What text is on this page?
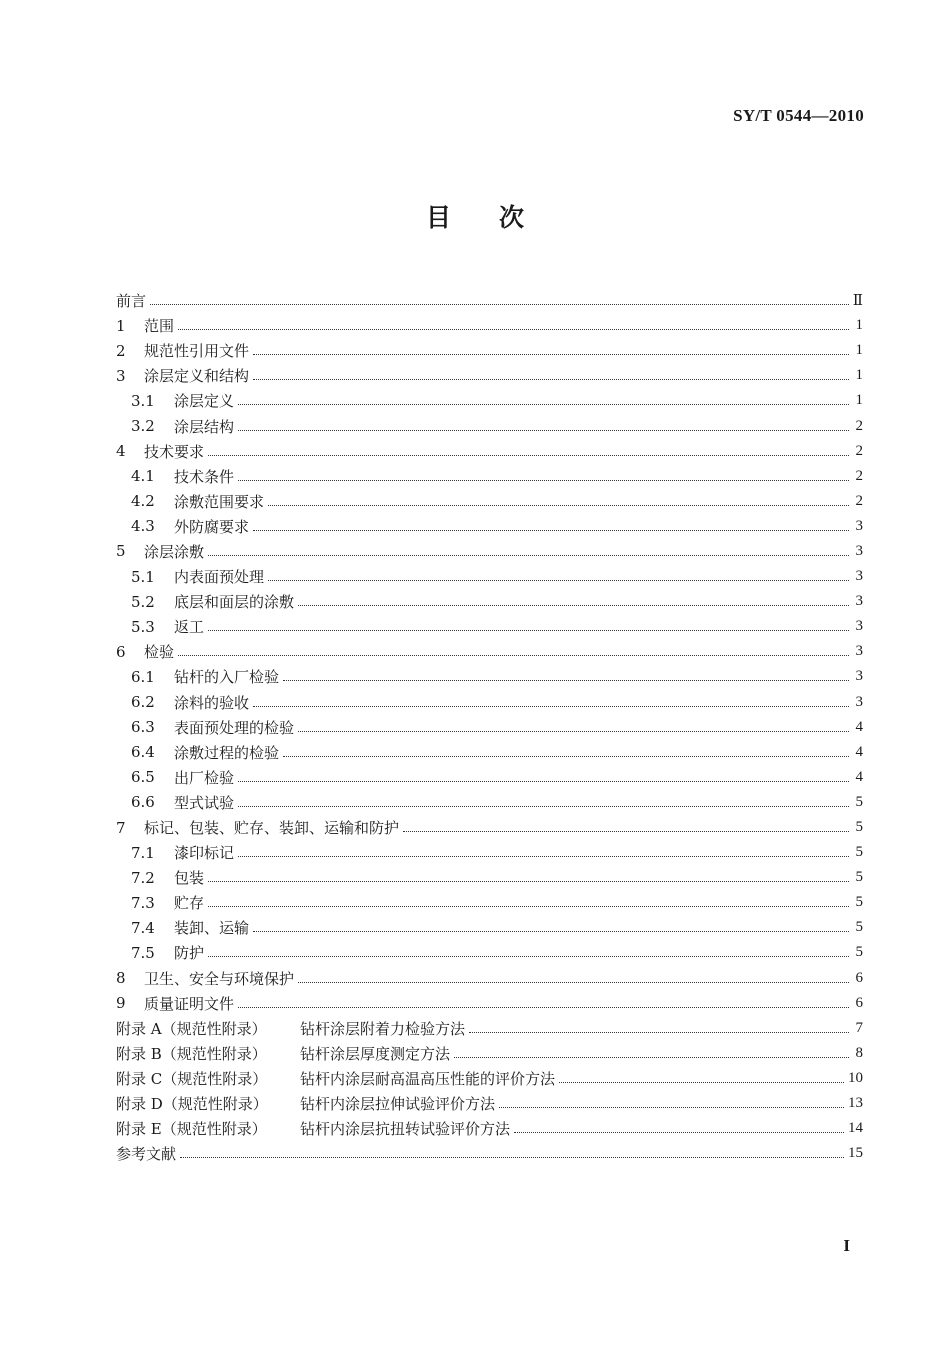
SY/T 0544—2010
目 次
前言	Ⅱ
1	范围	1
2	规范性引用文件	1
3	涂层定义和结构	1
3.1	涂层定义	1
3.2	涂层结构	2
4	技术要求	2
4.1	技术条件	2
4.2	涂敷范围要求	2
4.3	外防腐要求	3
5	涂层涂敷	3
5.1	内表面预处理	3
5.2	底层和面层的涂敷	3
5.3	返工	3
6	检验	3
6.1	钻杆的入厂检验	3
6.2	涂料的验收	3
6.3	表面预处理的检验	4
6.4	涂敷过程的检验	4
6.5	出厂检验	4
6.6	型式试验	5
7	标记、包装、贮存、装卸、运输和防护	5
7.1	漆印标记	5
7.2	包装	5
7.3	贮存	5
7.4	装卸、运输	5
7.5	防护	5
8	卫生、安全与环境保护	6
9	质量证明文件	6
附录 A（规范性附录）	钻杆涂层附着力检验方法	7
附录 B（规范性附录）	钻杆涂层厚度测定方法	8
附录 C（规范性附录）	钻杆内涂层耐高温高压性能的评价方法	10
附录 D（规范性附录）	钻杆内涂层拉伸试验评价方法	13
附录 E（规范性附录）	钻杆内涂层抗扭转试验评价方法	14
参考文献	15
I
